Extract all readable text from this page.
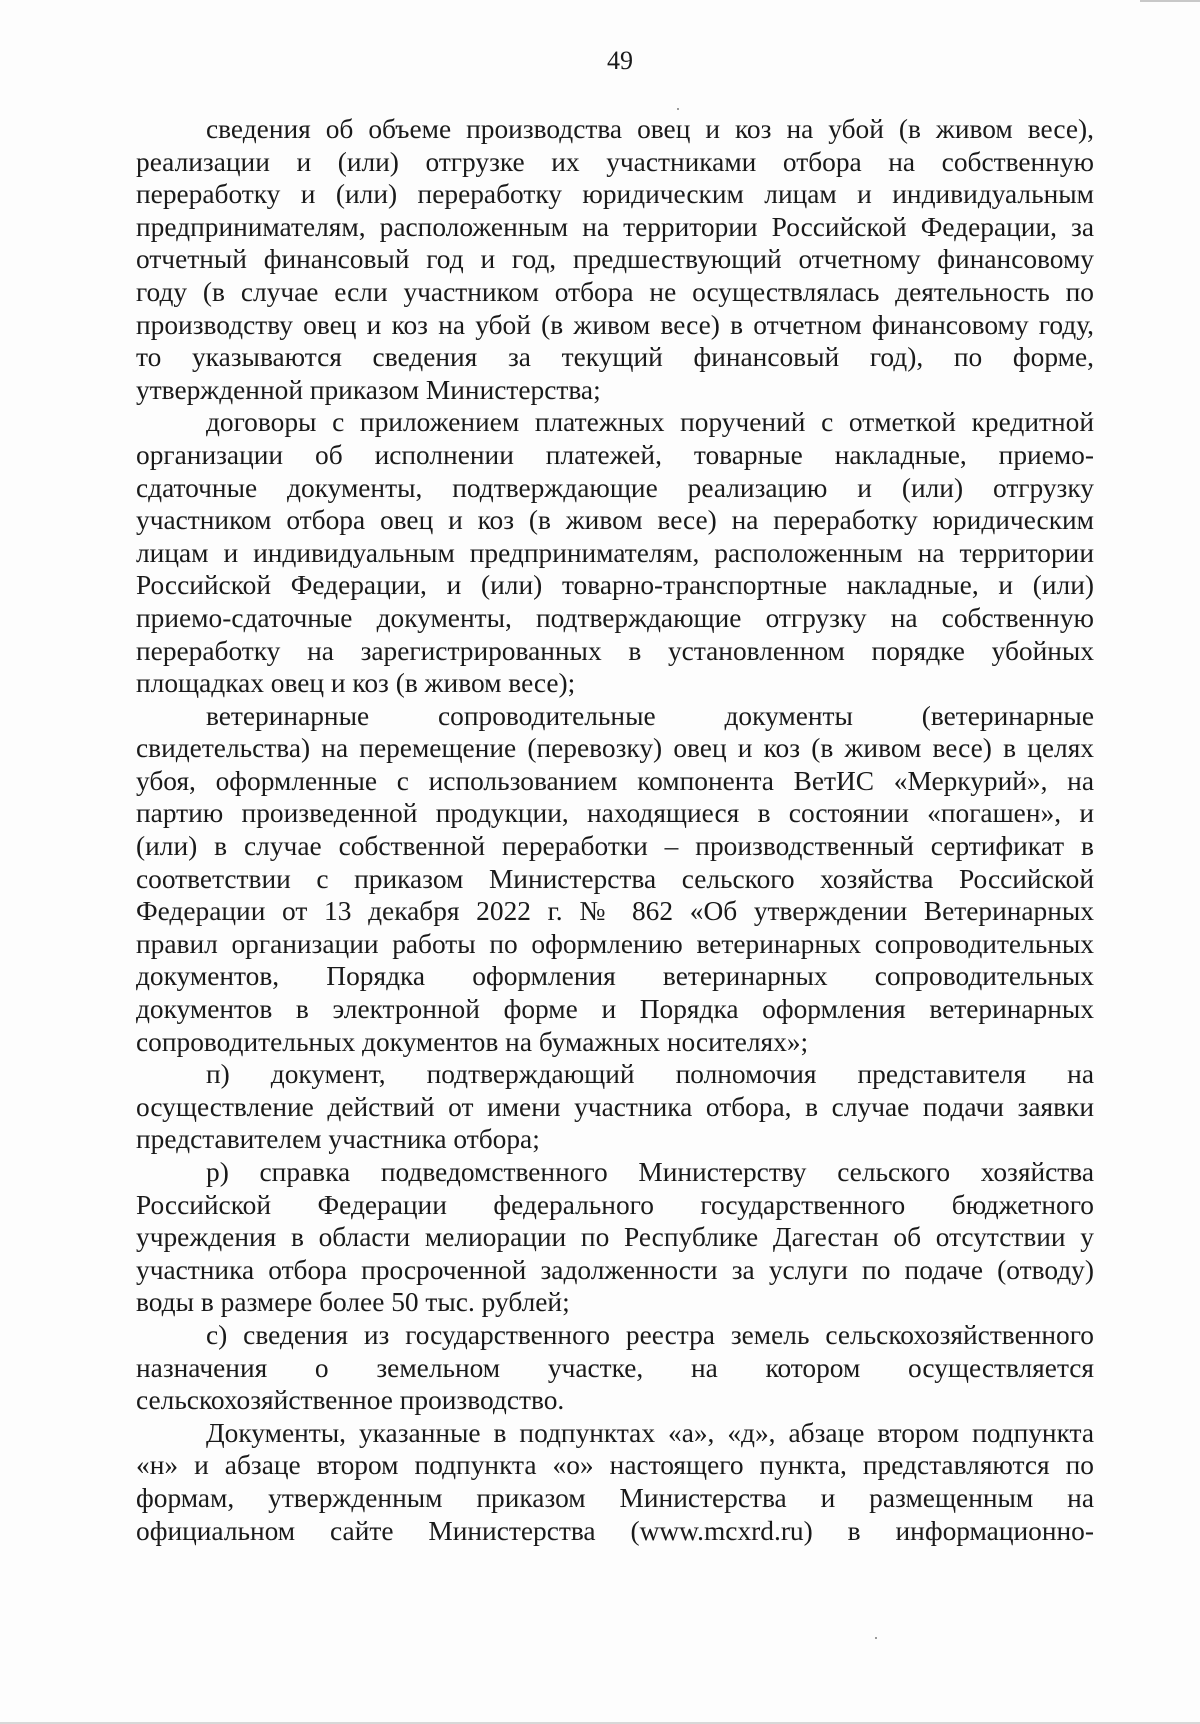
49
сведения об объеме производства овец и коз на убой (в живом весе),
реализации и (или) отгрузке их участниками отбора на собственную
переработку и (или) переработку юридическим лицам и индивидуальным
предпринимателям, расположенным на территории Российской Федерации, за
отчетный финансовый год и год, предшествующий отчетному финансовому
году (в случае если участником отбора не осуществлялась деятельность по
производству овец и коз на убой (в живом весе) в отчетном финансовому году,
то указываются сведения за текущий финансовый год), по форме,
утвержденной приказом Министерства;
договоры с приложением платежных поручений с отметкой кредитной
организации об исполнении платежей, товарные накладные, приемо-
сдаточные документы, подтверждающие реализацию и (или) отгрузку
участником отбора овец и коз (в живом весе) на переработку юридическим
лицам и индивидуальным предпринимателям, расположенным на территории
Российской Федерации, и (или) товарно-транспортные накладные, и (или)
приемо-сдаточные документы, подтверждающие отгрузку на собственную
переработку на зарегистрированных в установленном порядке убойных
площадках овец и коз (в живом весе);
ветеринарные сопроводительные документы (ветеринарные
свидетельства) на перемещение (перевозку) овец и коз (в живом весе) в целях
убоя, оформленные с использованием компонента ВетИС «Меркурий», на
партию произведенной продукции, находящиеся в состоянии «погашен», и
(или) в случае собственной переработки – производственный сертификат в
соответствии с приказом Министерства сельского хозяйства Российской
Федерации от 13 декабря 2022 г. № 862 «Об утверждении Ветеринарных
правил организации работы по оформлению ветеринарных сопроводительных
документов, Порядка оформления ветеринарных сопроводительных
документов в электронной форме и Порядка оформления ветеринарных
сопроводительных документов на бумажных носителях»;
п) документ, подтверждающий полномочия представителя на
осуществление действий от имени участника отбора, в случае подачи заявки
представителем участника отбора;
р) справка подведомственного Министерству сельского хозяйства
Российской Федерации федерального государственного бюджетного
учреждения в области мелиорации по Республике Дагестан об отсутствии у
участника отбора просроченной задолженности за услуги по подаче (отводу)
воды в размере более 50 тыс. рублей;
с) сведения из государственного реестра земель сельскохозяйственного
назначения о земельном участке, на котором осуществляется
сельскохозяйственное производство.
Документы, указанные в подпунктах «а», «д», абзаце втором подпункта
«н» и абзаце втором подпункта «о» настоящего пункта, представляются по
формам, утвержденным приказом Министерства и размещенным на
официальном сайте Министерства (www.mcxrd.ru) в информационно-
